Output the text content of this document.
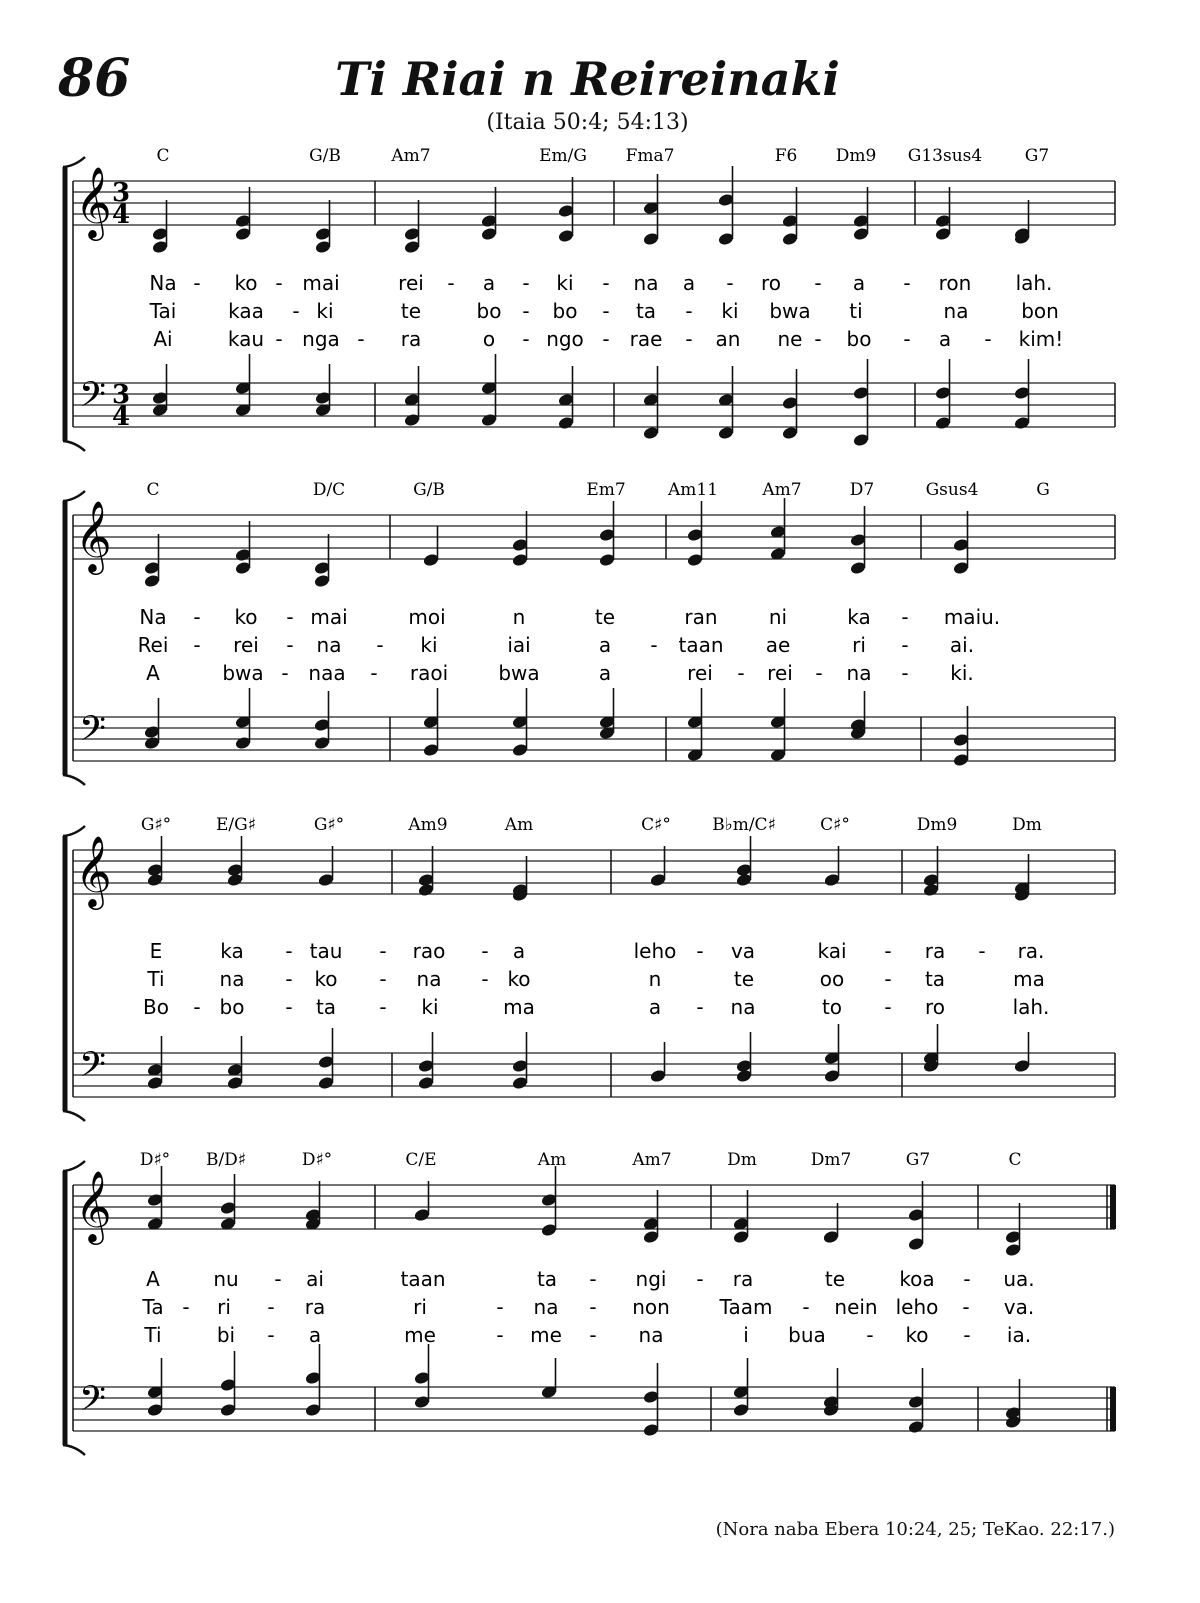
86	Ti Riai n Reireinaki
(Itaia 50:4; 54:13)
𝄞
𝄢
3
4
3
4
C	G/B	Am7	Em/G Fma7	F6 Dm9 G13sus4	G7
Na - ko - mai	rei - a - ki - na a - ro - a - ron lah.
Tai	kaa - ki	te	bo - bo - ta - ki bwa ti	na	bon
Ai	kau - nga - ra	o - ngo - rae - an ne - bo - a - kim!
𝄞
𝄢
C	D/C	G/B	Em7 Am11	Am7	D7	Gsus4	G
Na - ko - mai	moi	n	te	ran	ni	ka - maiu.
Rei - rei - na - ki	iai	a - taan ae	ri - ai.
A	bwa - naa - raoi	bwa	a	rei - rei - na - ki.
𝄞
𝄢
G♯°	E/G♯	G♯°	Am9	Am	C♯° B♭m/C♯	C♯°	Dm9	Dm
E	ka - tau - rao - a	leho - va	kai - ra - ra.
Ti	na - ko - na - ko	n	te	oo - ta	ma
Bo - bo - ta - ki	ma	a - na	to - ro	lah.
𝄞
𝄢
D♯° B/D♯	D♯°	C/E	Am	Am7	Dm	Dm7	G7	C
A	nu - ai	taan	ta - ngi - ra	te	koa - ua.
Ta - ri - ra	ri	- na - non Taam - nein leho - va.
Ti	bi - a	me	- me - na	i bua - ko - ia.
(Nora naba Ebera 10:24, 25; TeKao. 22:17.)
